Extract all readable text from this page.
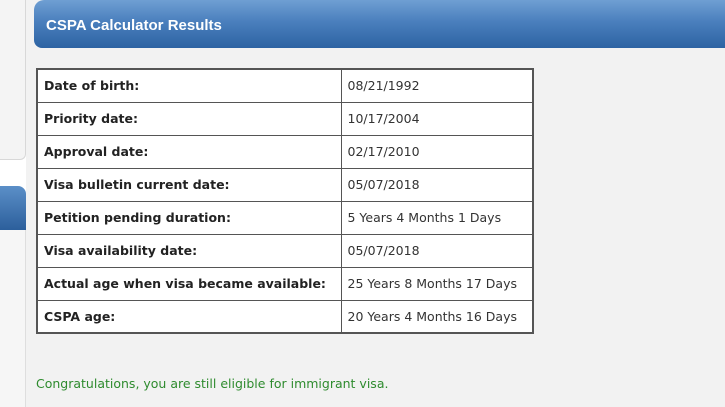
CSPA Calculator Results
Date of birth:	08/21/1992
Priority date:	10/17/2004
Approval date:	02/17/2010
Visa bulletin current date:	05/07/2018
Petition pending duration:	5 Years 4 Months 1 Days
Visa availability date:	05/07/2018
Actual age when visa became available:	25 Years 8 Months 17 Days
CSPA age:	20 Years 4 Months 16 Days
Congratulations, you are still eligible for immigrant visa.
